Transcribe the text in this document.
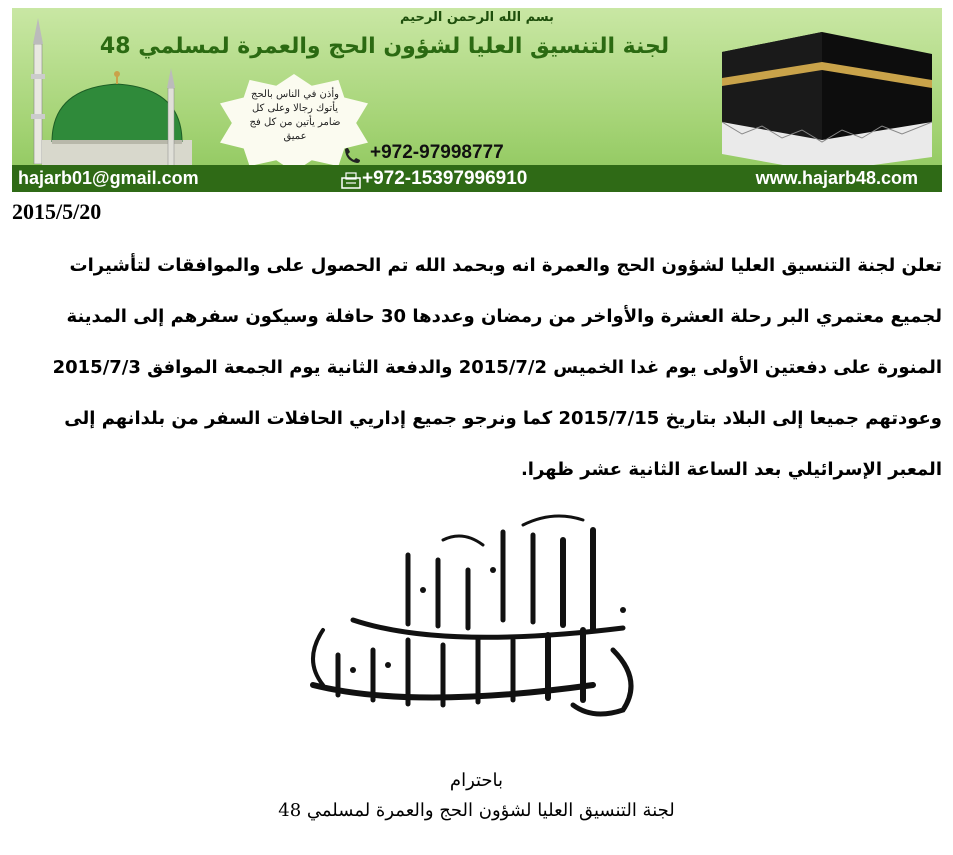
بسم الله الرحمن الرحيم
لجنة التنسيق العليا لشؤون الحج والعمرة لمسلمي 48
وأذن في الناس بالحج يأتوك رجالا وعلى كل ضامر يأتين من كل فج عميق
+972-97998777
+972-15397996910
hajarb01@gmail.com	www.hajarb48.com
2015/5/20
تعلن لجنة التنسيق العليا لشؤون الحج والعمرة انه وبحمد الله تم الحصول على والموافقات لتأشيرات
لجميع معتمري البر رحلة العشرة والأواخر من رمضان وعددها 30 حافلة وسيكون سفرهم إلى المدينة
المنورة على دفعتين الأولى يوم غدا الخميس 2015/7/2 والدفعة الثانية يوم الجمعة الموافق 2015/7/3
وعودتهم جميعا إلى البلاد بتاريخ 2015/7/15 كما ونرجو جميع إداريي الحافلات السفر من بلدانهم إلى
المعبر الإسرائيلي بعد الساعة الثانية عشر ظهرا.
باحترام
لجنة التنسيق العليا لشؤون الحج والعمرة لمسلمي 48
